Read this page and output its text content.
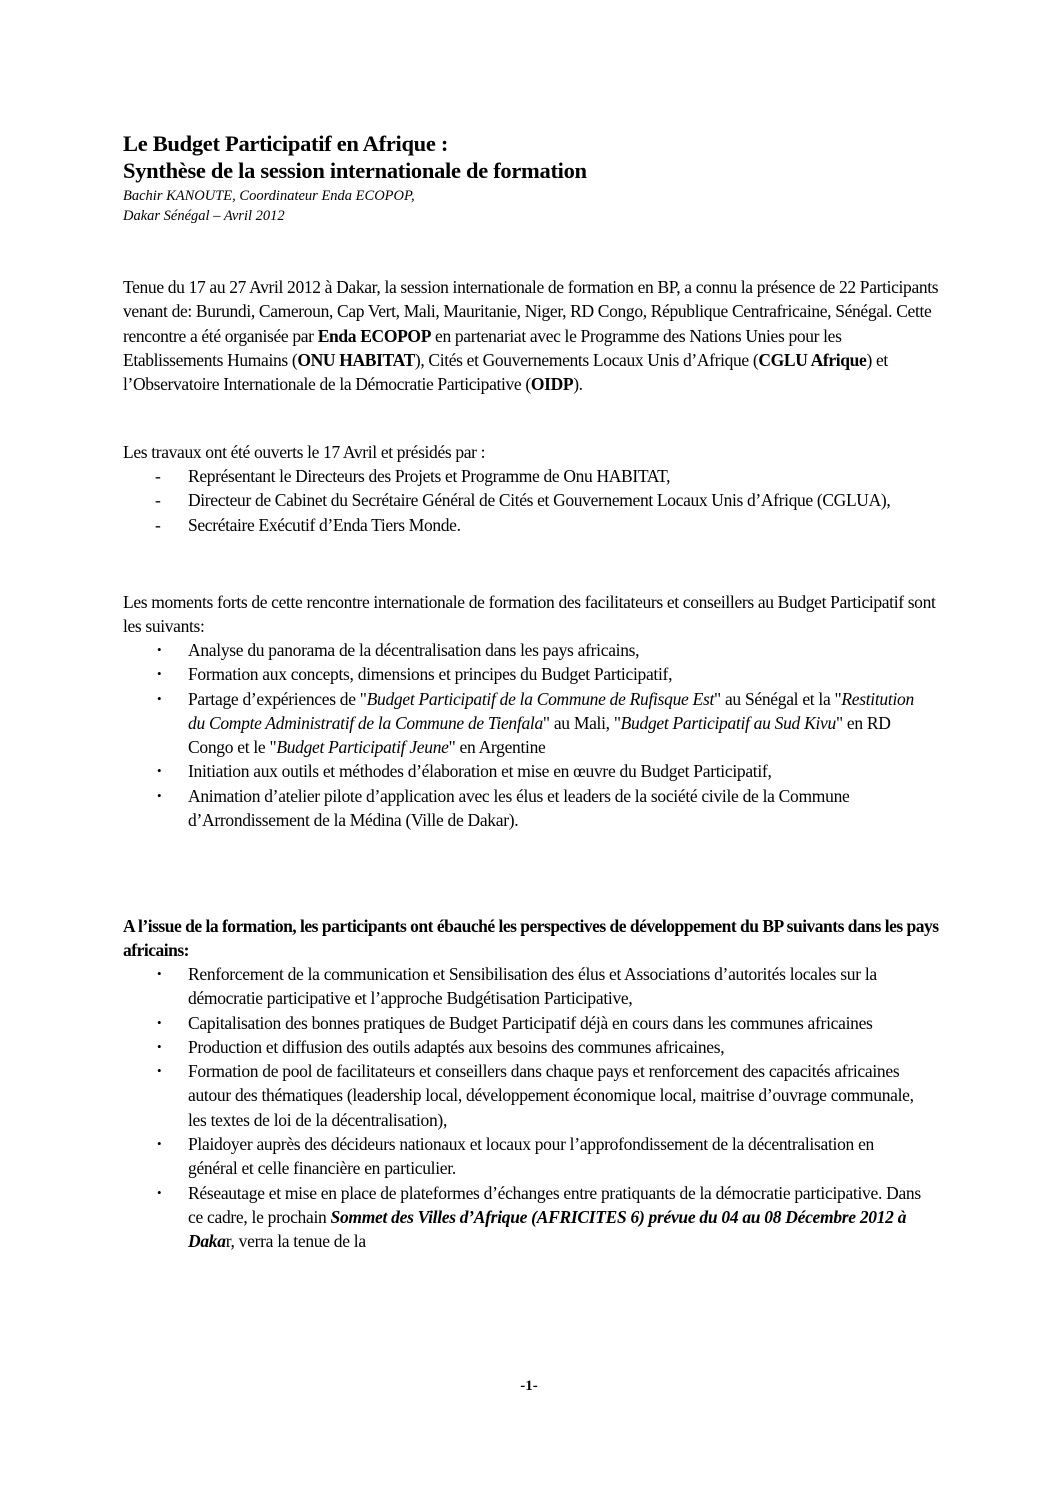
Le Budget Participatif en Afrique :
Synthèse de la session internationale de formation
Bachir KANOUTE, Coordinateur Enda ECOPOP,
Dakar Sénégal – Avril 2012

Tenue du 17 au 27 Avril 2012 à Dakar, la session internationale de formation en BP, a connu la présence de 22 Participants venant de: Burundi, Cameroun, Cap Vert, Mali, Mauritanie, Niger, RD Congo, République Centrafricaine, Sénégal. Cette rencontre a été organisée par Enda ECOPOP en partenariat avec le Programme des Nations Unies pour les Etablissements Humains (ONU HABITAT), Cités et Gouvernements Locaux Unis d’Afrique (CGLU Afrique) et l’Observatoire Internationale de la Démocratie Participative (OIDP).

Les travaux ont été ouverts le 17 Avril et présidés par :

- Représentant le Directeurs des Projets et Programme de Onu HABITAT,
- Directeur de Cabinet du Secrétaire Général de Cités et Gouvernement Locaux Unis d’Afrique (CGLUA),
- Secrétaire Exécutif d’Enda Tiers Monde.

Les moments forts de cette rencontre internationale de formation des facilitateurs et conseillers au Budget Participatif sont les suivants:

• Analyse du panorama de la décentralisation dans les pays africains,
• Formation aux concepts, dimensions et principes du Budget Participatif,
• Partage d’expériences de "Budget Participatif de la Commune de Rufisque Est" au Sénégal et la "Restitution du Compte Administratif de la Commune de Tienfala" au Mali, "Budget Participatif au Sud Kivu" en RD Congo et le "Budget Participatif Jeune" en Argentine
• Initiation aux outils et méthodes d’élaboration et mise en œuvre du Budget Participatif,
• Animation d’atelier pilote d’application avec les élus et leaders de la société civile de la Commune d’Arrondissement de la Médina (Ville de Dakar).

A l’issue de la formation, les participants ont ébauché les perspectives de développement du BP suivants dans les pays africains:

• Renforcement de la communication et Sensibilisation des élus et Associations d’autorités locales sur la démocratie participative et l’approche Budgétisation Participative,
• Capitalisation des bonnes pratiques de Budget Participatif déjà en cours dans les communes africaines
• Production et diffusion des outils adaptés aux besoins des communes africaines,
• Formation de pool de facilitateurs et conseillers dans chaque pays et renforcement des capacités africaines autour des thématiques (leadership local, développement économique local, maitrise d’ouvrage communale, les textes de loi de la décentralisation),
• Plaidoyer auprès des décideurs nationaux et locaux pour l’approfondissement de la décentralisation en général et celle financière en particulier.
• Réseautage et mise en place de plateformes d’échanges entre pratiquants de la démocratie participative. Dans ce cadre, le prochain Sommet des Villes d’Afrique (AFRICITES 6) prévue du 04 au 08 Décembre 2012 à Dakar, verra la tenue de la
-1-
